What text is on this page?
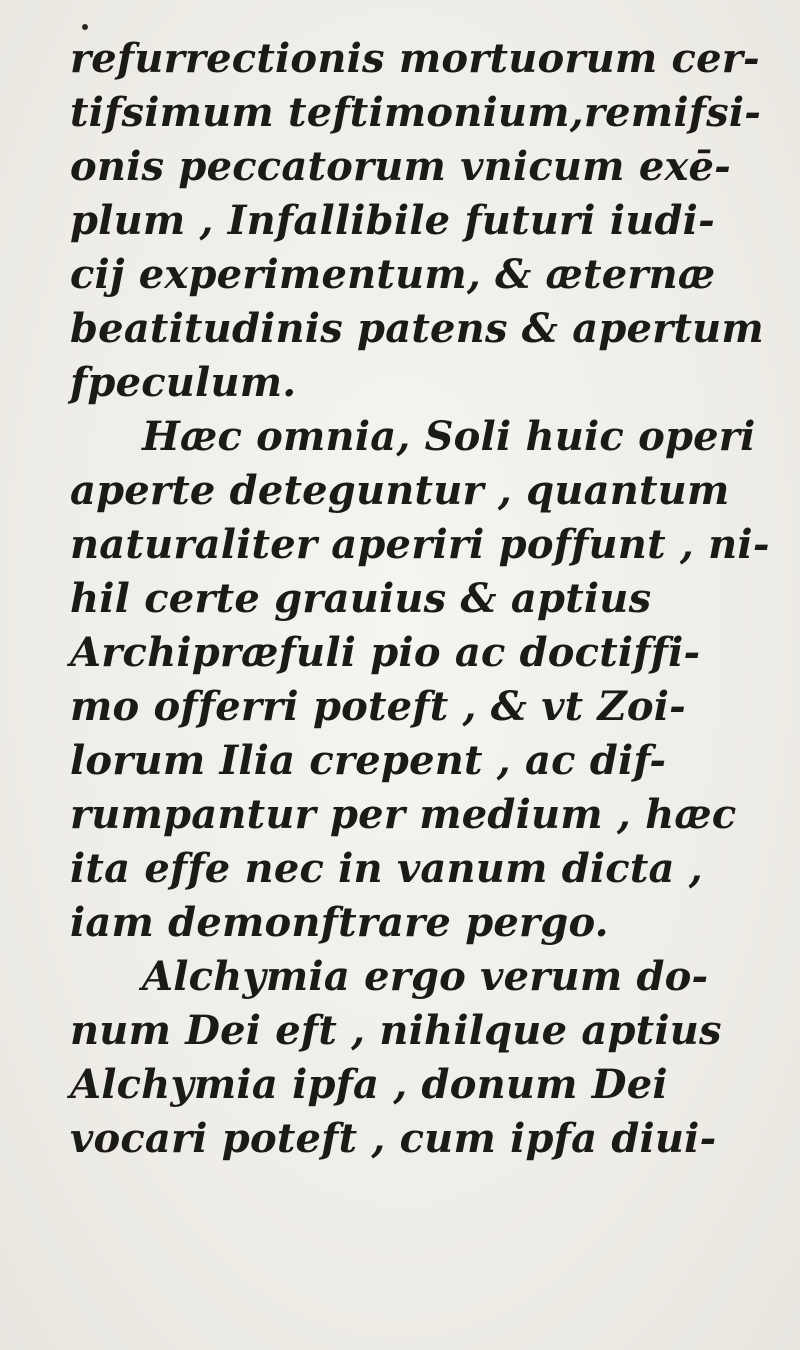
refurrectionis mortuorum cer-
tifsimum teftimonium,remifsi-
onis peccatorum vnicum exē-
plum , Infallibile futuri iudi-
cij experimentum, & æternæ
beatitudinis patens & apertum
fpeculum.
Hæc omnia, Soli huic operi
aperte deteguntur , quantum
naturaliter aperiri poffunt , ni-
hil certe grauius & aptius
Archipræfuli pio ac doctiffi-
mo offerri poteft , & vt Zoi-
lorum Ilia crepent , ac dif-
rumpantur per medium , hæc
ita effe nec in vanum dicta ,
iam demonftrare pergo.
Alchymia ergo verum do-
num Dei eft , nihilque aptius
Alchymia ipfa , donum Dei
vocari poteft , cum ipfa diui-
